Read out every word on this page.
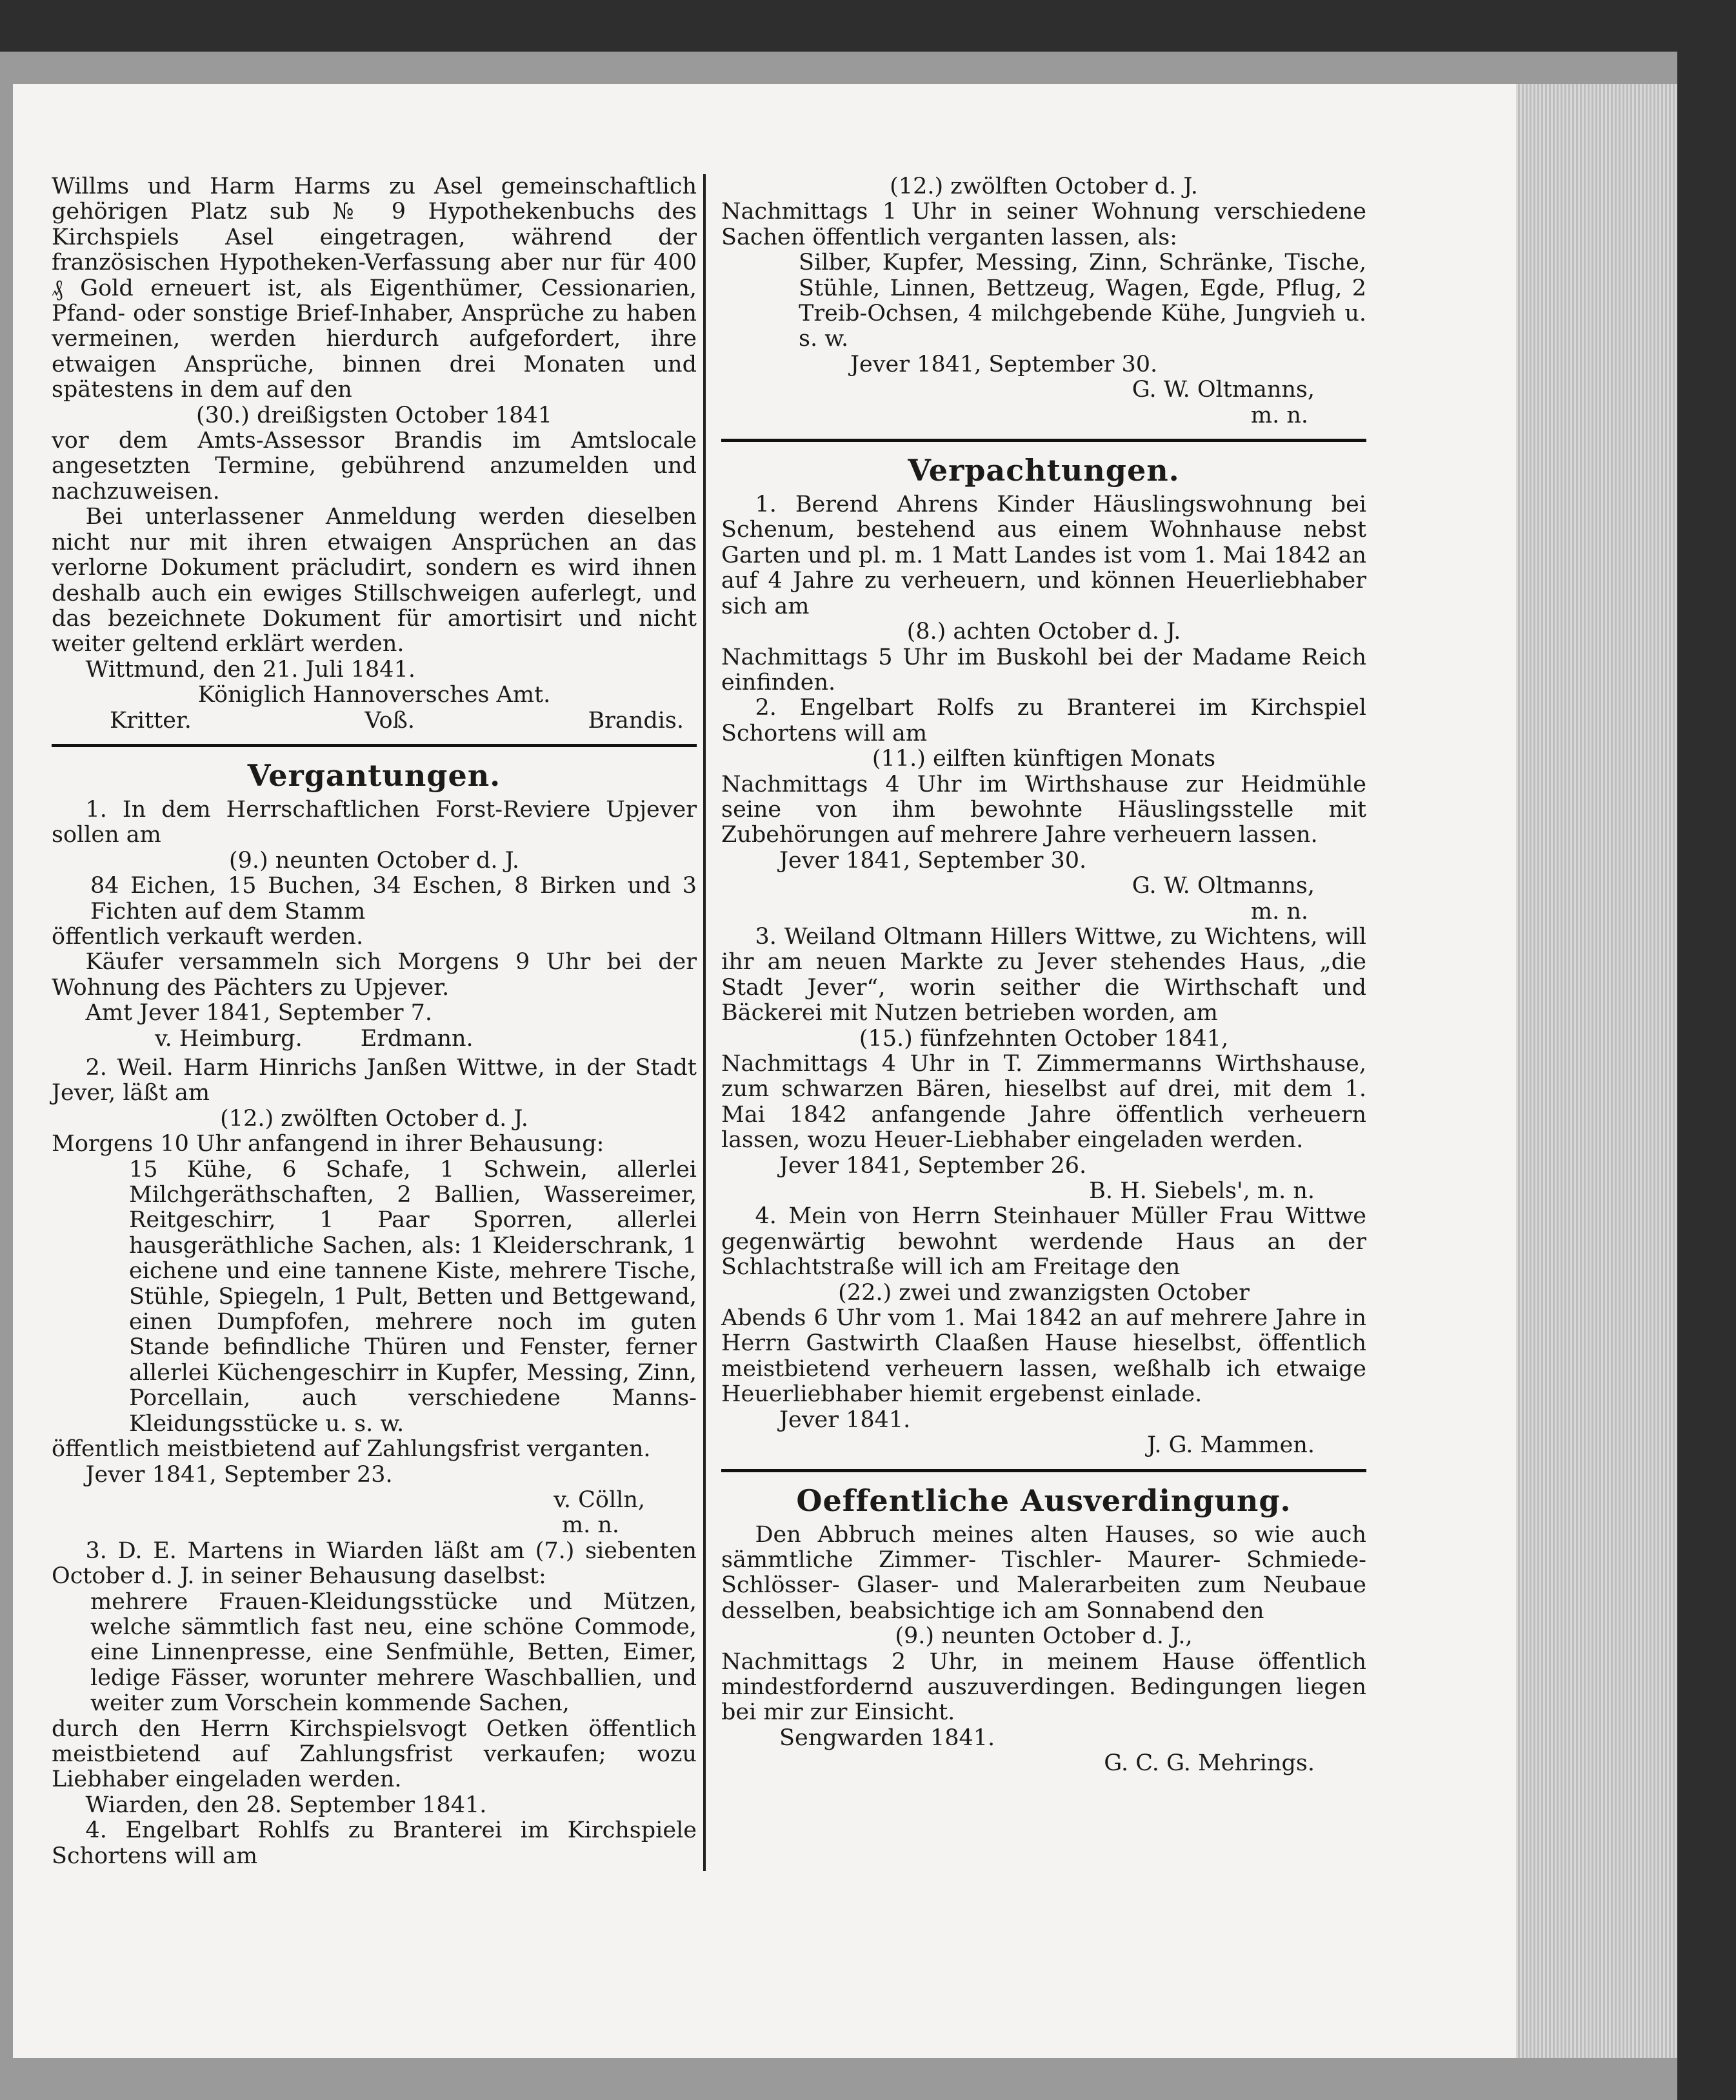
Willms und Harm Harms zu Asel gemeinschaftlich gehörigen Platz sub № 9 Hypothekenbuchs des Kirchspiels Asel eingetragen, während der französischen Hypotheken-Verfassung aber nur für 400 ₰ Gold erneuert ist, als Eigenthümer, Cessionarien, Pfand- oder sonstige Brief-Inhaber, Ansprüche zu haben vermeinen, werden hierdurch aufgefordert, ihre etwaigen Ansprüche, binnen drei Monaten und spätestens in dem auf den

(30.) dreißigsten October 1841

vor dem Amts-Assessor Brandis im Amtslocale angesetzten Termine, gebührend anzumelden und nachzuweisen.

Bei unterlassener Anmeldung werden dieselben nicht nur mit ihren etwaigen Ansprüchen an das verlorne Dokument präcludirt, sondern es wird ihnen deshalb auch ein ewiges Stillschweigen auferlegt, und das bezeichnete Dokument für amortisirt und nicht weiter geltend erklärt werden.

Wittmund, den 21. Juli 1841.

Königlich Hannoversches Amt.

Kritter.	Voß.	Brandis.
Vergantungen.

1. In dem Herrschaftlichen Forst-Reviere Upjever sollen am

(9.) neunten October d. J.

84 Eichen, 15 Buchen, 34 Eschen, 8 Birken und 3 Fichten auf dem Stamm

öffentlich verkauft werden.

Käufer versammeln sich Morgens 9 Uhr bei der Wohnung des Pächters zu Upjever.

Amt Jever 1841, September 7.

v. Heimburg.	Erdmann.

2. Weil. Harm Hinrichs Janßen Wittwe, in der Stadt Jever, läßt am

(12.) zwölften October d. J.

Morgens 10 Uhr anfangend in ihrer Behausung:

15 Kühe, 6 Schafe, 1 Schwein, allerlei Milchgeräthschaften, 2 Ballien, Wassereimer, Reitgeschirr, 1 Paar Sporren, allerlei hausgeräthliche Sachen, als: 1 Kleiderschrank, 1 eichene und eine tannene Kiste, mehrere Tische, Stühle, Spiegeln, 1 Pult, Betten und Bettgewand, einen Dumpfofen, mehrere noch im guten Stande befindliche Thüren und Fenster, ferner allerlei Küchengeschirr in Kupfer, Messing, Zinn, Porcellain, auch verschiedene Manns-Kleidungsstücke u. s. w.

öffentlich meistbietend auf Zahlungsfrist verganten.

Jever 1841, September 23.

v. Cölln,

m. n.

3. D. E. Martens in Wiarden läßt am (7.) siebenten October d. J. in seiner Behausung daselbst:

mehrere Frauen-Kleidungsstücke und Mützen, welche sämmtlich fast neu, eine schöne Commode, eine Linnenpresse, eine Senfmühle, Betten, Eimer, ledige Fässer, worunter mehrere Waschballien, und weiter zum Vorschein kommende Sachen,

durch den Herrn Kirchspielsvogt Oetken öffentlich meistbietend auf Zahlungsfrist verkaufen; wozu Liebhaber eingeladen werden.

Wiarden, den 28. September 1841.

4. Engelbart Rohlfs zu Branterei im Kirchspiele Schortens will am

(12.) zwölften October d. J.

Nachmittags 1 Uhr in seiner Wohnung verschiedene Sachen öffentlich verganten lassen, als:

Silber, Kupfer, Messing, Zinn, Schränke, Tische, Stühle, Linnen, Bettzeug, Wagen, Egde, Pflug, 2 Treib-Ochsen, 4 milchgebende Kühe, Jungvieh u. s. w.

Jever 1841, September 30.

G. W. Oltmanns,

m. n.

Verpachtungen.

1. Berend Ahrens Kinder Häuslingswohnung bei Schenum, bestehend aus einem Wohnhause nebst Garten und pl. m. 1 Matt Landes ist vom 1. Mai 1842 an auf 4 Jahre zu verheuern, und können Heuerliebhaber sich am

(8.) achten October d. J.

Nachmittags 5 Uhr im Buskohl bei der Madame Reich einfinden.

2. Engelbart Rolfs zu Branterei im Kirchspiel Schortens will am

(11.) eilften künftigen Monats

Nachmittags 4 Uhr im Wirthshause zur Heidmühle seine von ihm bewohnte Häuslingsstelle mit Zubehörungen auf mehrere Jahre verheuern lassen.

Jever 1841, September 30.

G. W. Oltmanns,

m. n.

3. Weiland Oltmann Hillers Wittwe, zu Wichtens, will ihr am neuen Markte zu Jever stehendes Haus, „die Stadt Jever“, worin seither die Wirthschaft und Bäckerei mit Nutzen betrieben worden, am

(15.) fünfzehnten October 1841,

Nachmittags 4 Uhr in T. Zimmermanns Wirthshause, zum schwarzen Bären, hieselbst auf drei, mit dem 1. Mai 1842 anfangende Jahre öffentlich verheuern lassen, wozu Heuer-Liebhaber eingeladen werden.

Jever 1841, September 26.

B. H. Siebels', m. n.

4. Mein von Herrn Steinhauer Müller Frau Wittwe gegenwärtig bewohnt werdende Haus an der Schlachtstraße will ich am Freitage den

(22.) zwei und zwanzigsten October

Abends 6 Uhr vom 1. Mai 1842 an auf mehrere Jahre in Herrn Gastwirth Claaßen Hause hieselbst, öffentlich meistbietend verheuern lassen, weßhalb ich etwaige Heuerliebhaber hiemit ergebenst einlade.

Jever 1841.

J. G. Mammen.

Oeffentliche Ausverdingung.

Den Abbruch meines alten Hauses, so wie auch sämmtliche Zimmer- Tischler- Maurer- Schmiede- Schlösser- Glaser- und Malerarbeiten zum Neubaue desselben, beabsichtige ich am Sonnabend den

(9.) neunten October d. J.,

Nachmittags 2 Uhr, in meinem Hause öffentlich mindestfordernd auszuverdingen. Bedingungen liegen bei mir zur Einsicht.

Sengwarden 1841.

G. C. G. Mehrings.
